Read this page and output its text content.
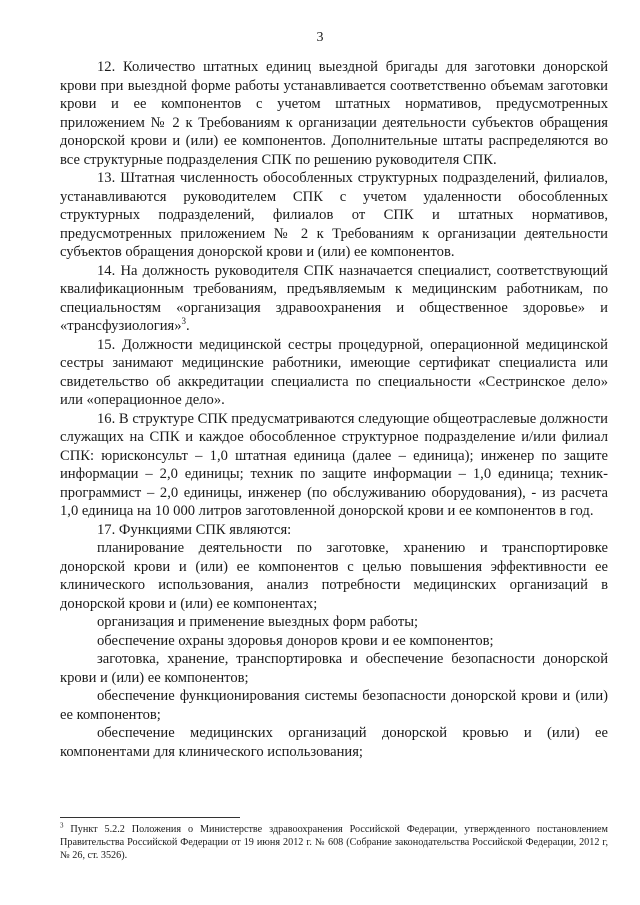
3

12. Количество штатных единиц выездной бригады для заготовки донорской крови при выездной форме работы устанавливается соответственно объемам заготовки крови и ее компонентов с учетом штатных нормативов, предусмотренных приложением № 2 к Требованиям к организации деятельности субъектов обращения донорской крови и (или) ее компонентов. Дополнительные штаты распределяются во все структурные подразделения СПК по решению руководителя СПК.

13. Штатная численность обособленных структурных подразделений, филиалов, устанавливаются руководителем СПК с учетом удаленности обособленных структурных подразделений, филиалов от СПК и штатных нормативов, предусмотренных приложением № 2 к Требованиям к организации деятельности субъектов обращения донорской крови и (или) ее компонентов.

14. На должность руководителя СПК назначается специалист, соответствующий квалификационным требованиям, предъявляемым к медицинским работникам, по специальностям «организация здравоохранения и общественное здоровье» и «трансфузиология»$^3$.

15. Должности медицинской сестры процедурной, операционной медицинской сестры занимают медицинские работники, имеющие сертификат специалиста или свидетельство об аккредитации специалиста по специальности «Сестринское дело» или «операционное дело».

16. В структуре СПК предусматриваются следующие общеотраслевые должности служащих на СПК и каждое обособленное структурное подразделение и/или филиал СПК: юрисконсульт – 1,0 штатная единица (далее – единица); инженер по защите информации – 2,0 единицы; техник по защите информации – 1,0 единица; техник-программист – 2,0 единицы, инженер (по обслуживанию оборудования), - из расчета 1,0 единица на 10 000 литров заготовленной донорской крови и ее компонентов в год.

17. Функциями СПК являются:

планирование деятельности по заготовке, хранению и транспортировке донорской крови и (или) ее компонентов с целью повышения эффективности ее клинического использования, анализ потребности медицинских организаций в донорской крови и (или) ее компонентах;

организация и применение выездных форм работы;

обеспечение охраны здоровья доноров крови и ее компонентов;

заготовка, хранение, транспортировка и обеспечение безопасности донорской крови и (или) ее компонентов;

обеспечение функционирования системы безопасности донорской крови и (или) ее компонентов;

обеспечение медицинских организаций донорской кровью и (или) ее компонентами для клинического использования;

$^3$ Пункт 5.2.2 Положения о Министерстве здравоохранения Российской Федерации, утвержденного постановлением Правительства Российской Федерации от 19 июня 2012 г. № 608 (Собрание законодательства Российской Федерации, 2012 г, № 26, ст. 3526).
